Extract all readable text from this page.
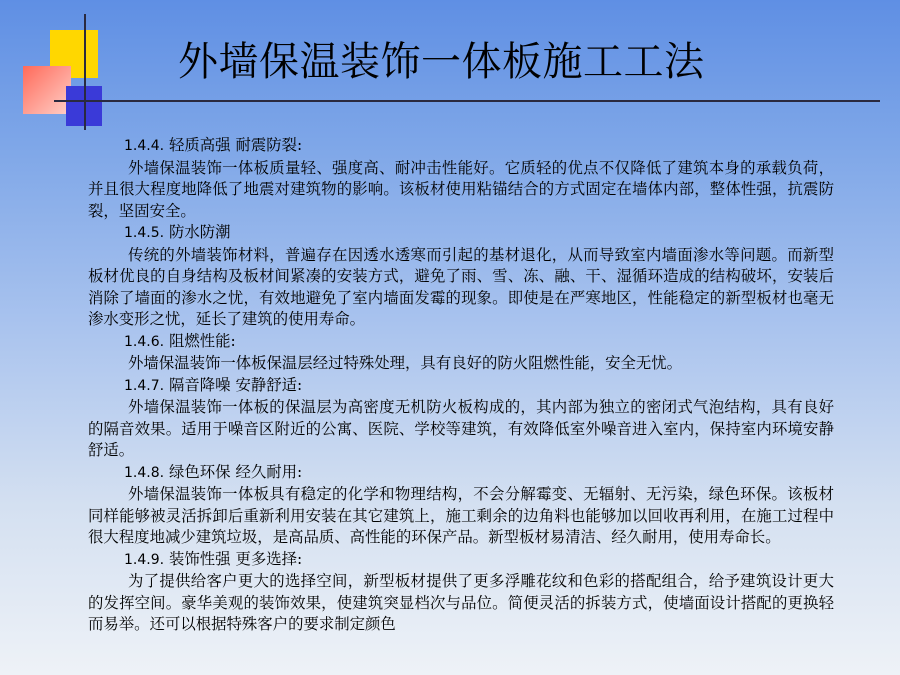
外墙保温装饰一体板施工工法
1.4.4. 轻质高强 耐震防裂:
外墙保温装饰一体板质量轻、强度高、耐冲击性能好。它质轻的优点不仅降低了建筑本身的承载负荷，并且很大程度地降低了地震对建筑物的影响。该板材使用粘锚结合的方式固定在墙体内部，整体性强，抗震防裂，坚固安全。
1.4.5. 防水防潮
传统的外墙装饰材料，普遍存在因透水透寒而引起的基材退化，从而导致室内墙面渗水等问题。而新型板材优良的自身结构及板材间紧凑的安装方式，避免了雨、雪、冻、融、干、湿循环造成的结构破坏，安装后消除了墙面的渗水之忧，有效地避免了室内墙面发霉的现象。即使是在严寒地区，性能稳定的新型板材也毫无渗水变形之忧，延长了建筑的使用寿命。
1.4.6. 阻燃性能:
外墙保温装饰一体板保温层经过特殊处理，具有良好的防火阻燃性能，安全无忧。
1.4.7. 隔音降噪 安静舒适:
外墙保温装饰一体板的保温层为高密度无机防火板构成的，其内部为独立的密闭式气泡结构，具有良好的隔音效果。适用于噪音区附近的公寓、医院、学校等建筑，有效降低室外噪音进入室内，保持室内环境安静舒适。
1.4.8. 绿色环保 经久耐用:
外墙保温装饰一体板具有稳定的化学和物理结构，不会分解霉变、无辐射、无污染，绿色环保。该板材同样能够被灵活拆卸后重新利用安装在其它建筑上，施工剩余的边角料也能够加以回收再利用，在施工过程中很大程度地减少建筑垃圾，是高品质、高性能的环保产品。新型板材易清洁、经久耐用，使用寿命长。
1.4.9. 装饰性强 更多选择:
为了提供给客户更大的选择空间，新型板材提供了更多浮雕花纹和色彩的搭配组合，给予建筑设计更大的发挥空间。豪华美观的装饰效果，使建筑突显档次与品位。简便灵活的拆装方式，使墙面设计搭配的更换轻而易举。还可以根据特殊客户的要求制定颜色
